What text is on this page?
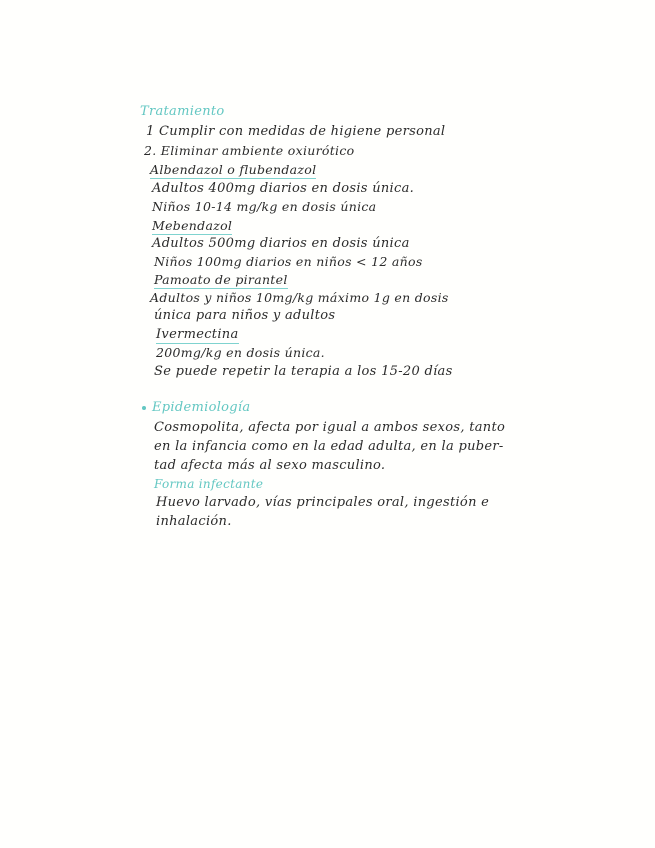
Tratamiento
1 Cumplir con medidas de higiene personal
2. Eliminar ambiente oxiurótico
Albendazol o flubendazol
Adultos 400mg diarios en dosis única.
Niños 10-14 mg/kg en dosis única
Mebendazol
Adultos 500mg diarios en dosis única
Niños 100mg diarios en niños < 12 años
Pamoato de pirantel
Adultos y niños 10mg/kg máximo 1g en dosis
única para niños y adultos
Ivermectina
200mg/kg en dosis única.
Se puede repetir la terapia a los 15-20 días
Epidemiología
Cosmopolita, afecta por igual a ambos sexos, tanto
en la infancia como en la edad adulta, en la puber-
tad afecta más al sexo masculino.
Forma infectante
Huevo larvado, vías principales oral, ingestión e
inhalación.
